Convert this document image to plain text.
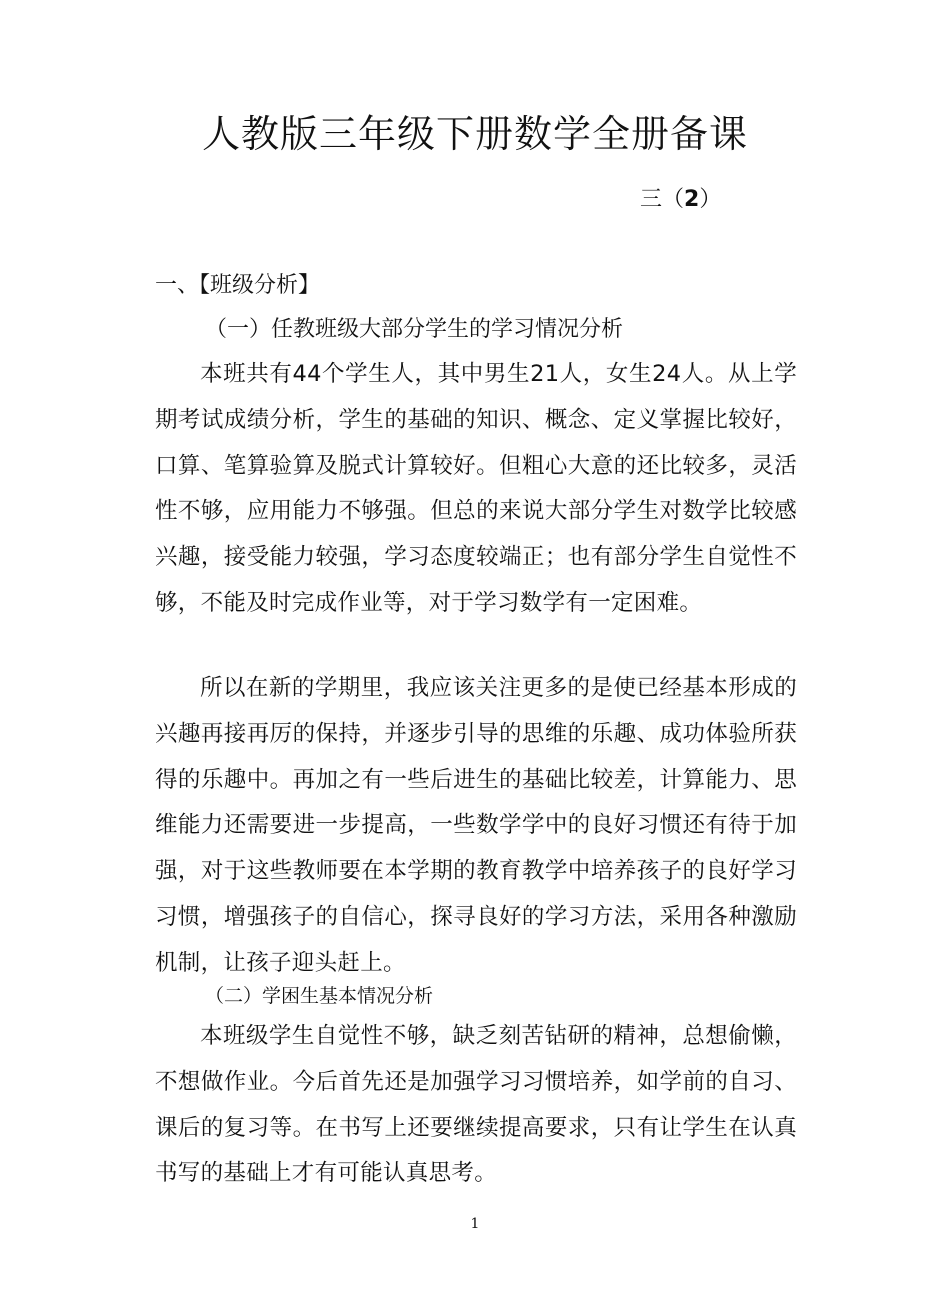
人教版三年级下册数学全册备课
三（2）
一、【班级分析】
（一）任教班级大部分学生的学习情况分析
本班共有44个学生人，其中男生21人，女生24人。从上学期考试成绩分析，学生的基础的知识、概念、定义掌握比较好，口算、笔算验算及脱式计算较好。但粗心大意的还比较多，灵活性不够，应用能力不够强。但总的来说大部分学生对数学比较感兴趣，接受能力较强，学习态度较端正；也有部分学生自觉性不够，不能及时完成作业等，对于学习数学有一定困难。
所以在新的学期里，我应该关注更多的是使已经基本形成的兴趣再接再厉的保持，并逐步引导的思维的乐趣、成功体验所获得的乐趣中。再加之有一些后进生的基础比较差，计算能力、思维能力还需要进一步提高，一些数学学中的良好习惯还有待于加强，对于这些教师要在本学期的教育教学中培养孩子的良好学习习惯，增强孩子的自信心，探寻良好的学习方法，采用各种激励机制，让孩子迎头赶上。
（二）学困生基本情况分析
本班级学生自觉性不够，缺乏刻苦钻研的精神，总想偷懒，不想做作业。今后首先还是加强学习习惯培养，如学前的自习、课后的复习等。在书写上还要继续提高要求，只有让学生在认真书写的基础上才有可能认真思考。
1
